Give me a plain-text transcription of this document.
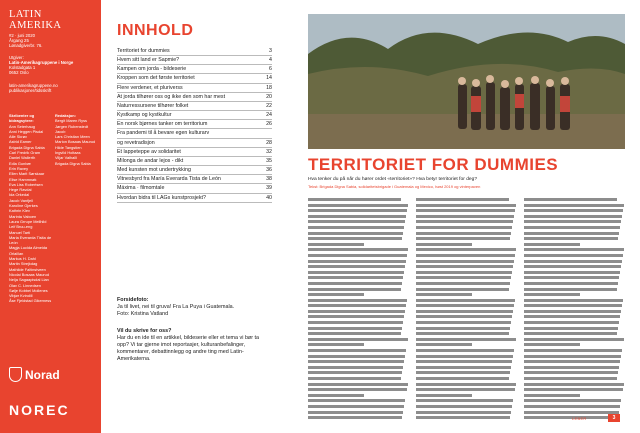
LATIN
AMERIKA
#2 · juni 2020
Årgang 25
Lønadgiverbr. 76.
Utgiver:
Latin-Amerikagruppene i Norge
Kolstadgata 1
0652 Oslo
latin-amerikagruppene.no
publikasjoner/tidsskrift
Skribenter og bidragsytere:
Ann Seterhaug
Anni Heggen Pisdal
Atle Skrøv
Astrid Eamer
Brigada Digna Sabia
Carl Fredrik Gram
Daniel Wallerth
Edla Gunbæ
Erin Ravey
Ellen Marit Sørskaar
Elise Hammnøk
Eva Liss Robertsen
Hege Ravdal
Ida Orkedal
Jacob Vanfjell
Karoline Gjerkes
Kathrin Klev
Marinta Vaboen
Laura Grrupe Mellhild
Leif Bruu-eng
Manuel Tarti
Maria Everarda Tisita de León
Magja Lucida Almeida
Orlaillan
Markus H. Dahl
Martin Strejkdag
Mathilde Faltinstveen
Nicolai Bosaas Maurud
Nelja Sagaapisdal Lian
Olav C. Linnedsen
Sølje Kobbel Mollenes
Vibjør Kvindill
Åse Fjeldstad Gikerness
Redaksjon:
Bergit Maren Ryss
Jørgen Rubenstedt Jacob
Lars Christian Meen
Marion Bosaas Maurud
Hilde Tangstien
Ingvild Holtaas
Viljar Valhalli
Brigada Digna Sabia
Norad
NOREC
INNHOLD
Territoriet for dummies	3
Hvem sitt land er Sapmie?	4
Kampen om jorda - bildeserie	6
Kroppen som det første territoriet	14
Flere verdener, et pluriverss	18
At jorda tilhører oss og ikke den som har mest	20
Naturressursene tilhører folket	22
Kystkamp og kystkultur	24
En norsk bjørnes tanker om territorium	26
Fra pandemi til å bevare egen kulturarv
og revetradisjon	28
Et lappeteppe av solidaritet	32
Milonga de andar lejos - dikt	35
Med kunsten mot undertrykking	36
Vitnesbyrd fra María Everarda Tista de León	38
Máxima · filmomtale	39
Hvordan bidra til LAGs kunstprosjekt?	40
Forsidefoto:
Ja til livet, nei til gruva! Fra La Puya i Guatemala.
Foto: Kristina Vatland
Vil du skrive for oss?
Har du en ide til en artikkel, bildeserie eller et tema vi bør ta opp? Vi tar gjerne imot reportasjer, kulturanbefalinger, kommentarer, debattinnlegg og andre ting med Latin-Amerikaterna.
TERRITORIET FOR DUMMIES
Hva tenker du på når du hører ordet «territoriet»? Hva betyr territoriet for deg?
Tekst: Brigada Digna Sabia, solidaritetsbrigade i Guatemala og Mexico, høst 2019 og vinterpaven
LEBER	3
